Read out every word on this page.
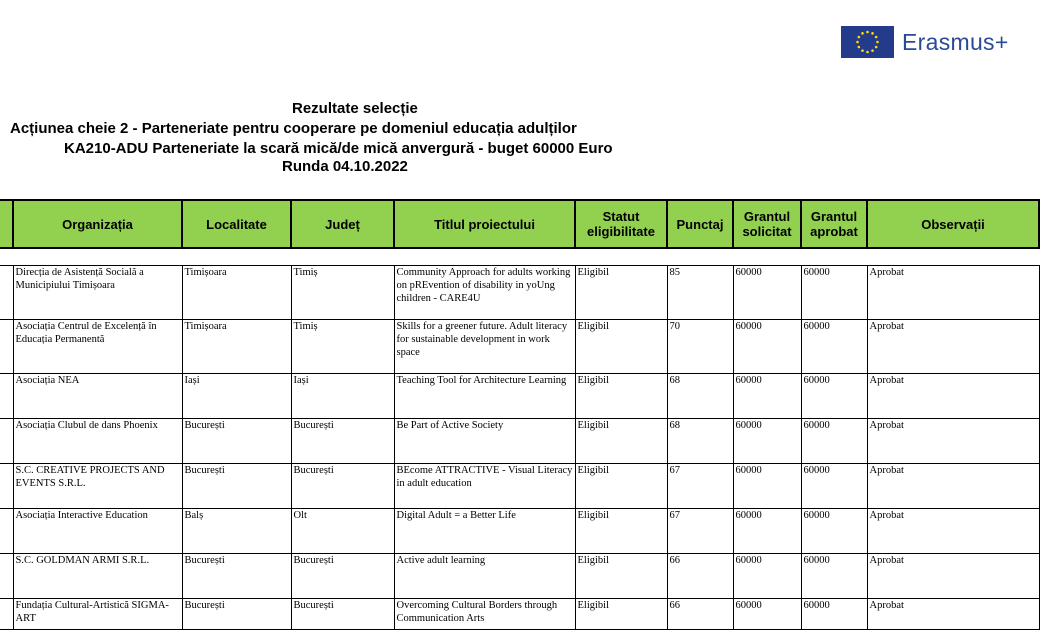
Erasmus+
Rezultate selecție
Acțiunea cheie 2 - Parteneriate pentru cooperare pe domeniul educația adulților
KA210-ADU Parteneriate la scară mică/de mică anvergură - buget 60000 Euro
Runda 04.10.2022
	Organizația	Localitate	Județ	Titlul proiectului	Statut eligibilitate	Punctaj	Grantul solicitat	Grantul aprobat	Observații

	Direcția de Asistență Socială a Municipiului Timișoara	Timișoara	Timiș	Community Approach for adults working on pREvention of disability in yoUng children - CARE4U	Eligibil	85	60000	60000	Aprobat
	Asociația Centrul de Excelență în Educația Permanentă	Timișoara	Timiș	Skills for a greener future. Adult literacy for sustainable development in work space	Eligibil	70	60000	60000	Aprobat
	Asociația NEA	Iași	Iași	Teaching Tool for Architecture Learning	Eligibil	68	60000	60000	Aprobat
	Asociația Clubul de dans Phoenix	București	București	Be Part of Active Society	Eligibil	68	60000	60000	Aprobat
	S.C. CREATIVE PROJECTS AND EVENTS S.R.L.	București	București	BEcome ATTRACTIVE - Visual Literacy in adult education	Eligibil	67	60000	60000	Aprobat
	Asociația Interactive Education	Balș	Olt	Digital Adult = a Better Life	Eligibil	67	60000	60000	Aprobat
	S.C. GOLDMAN ARMI S.R.L.	București	București	Active adult learning	Eligibil	66	60000	60000	Aprobat
	Fundația Cultural-Artistică SIGMA-ART	București	București	Overcoming Cultural Borders through Communication Arts	Eligibil	66	60000	60000	Aprobat
